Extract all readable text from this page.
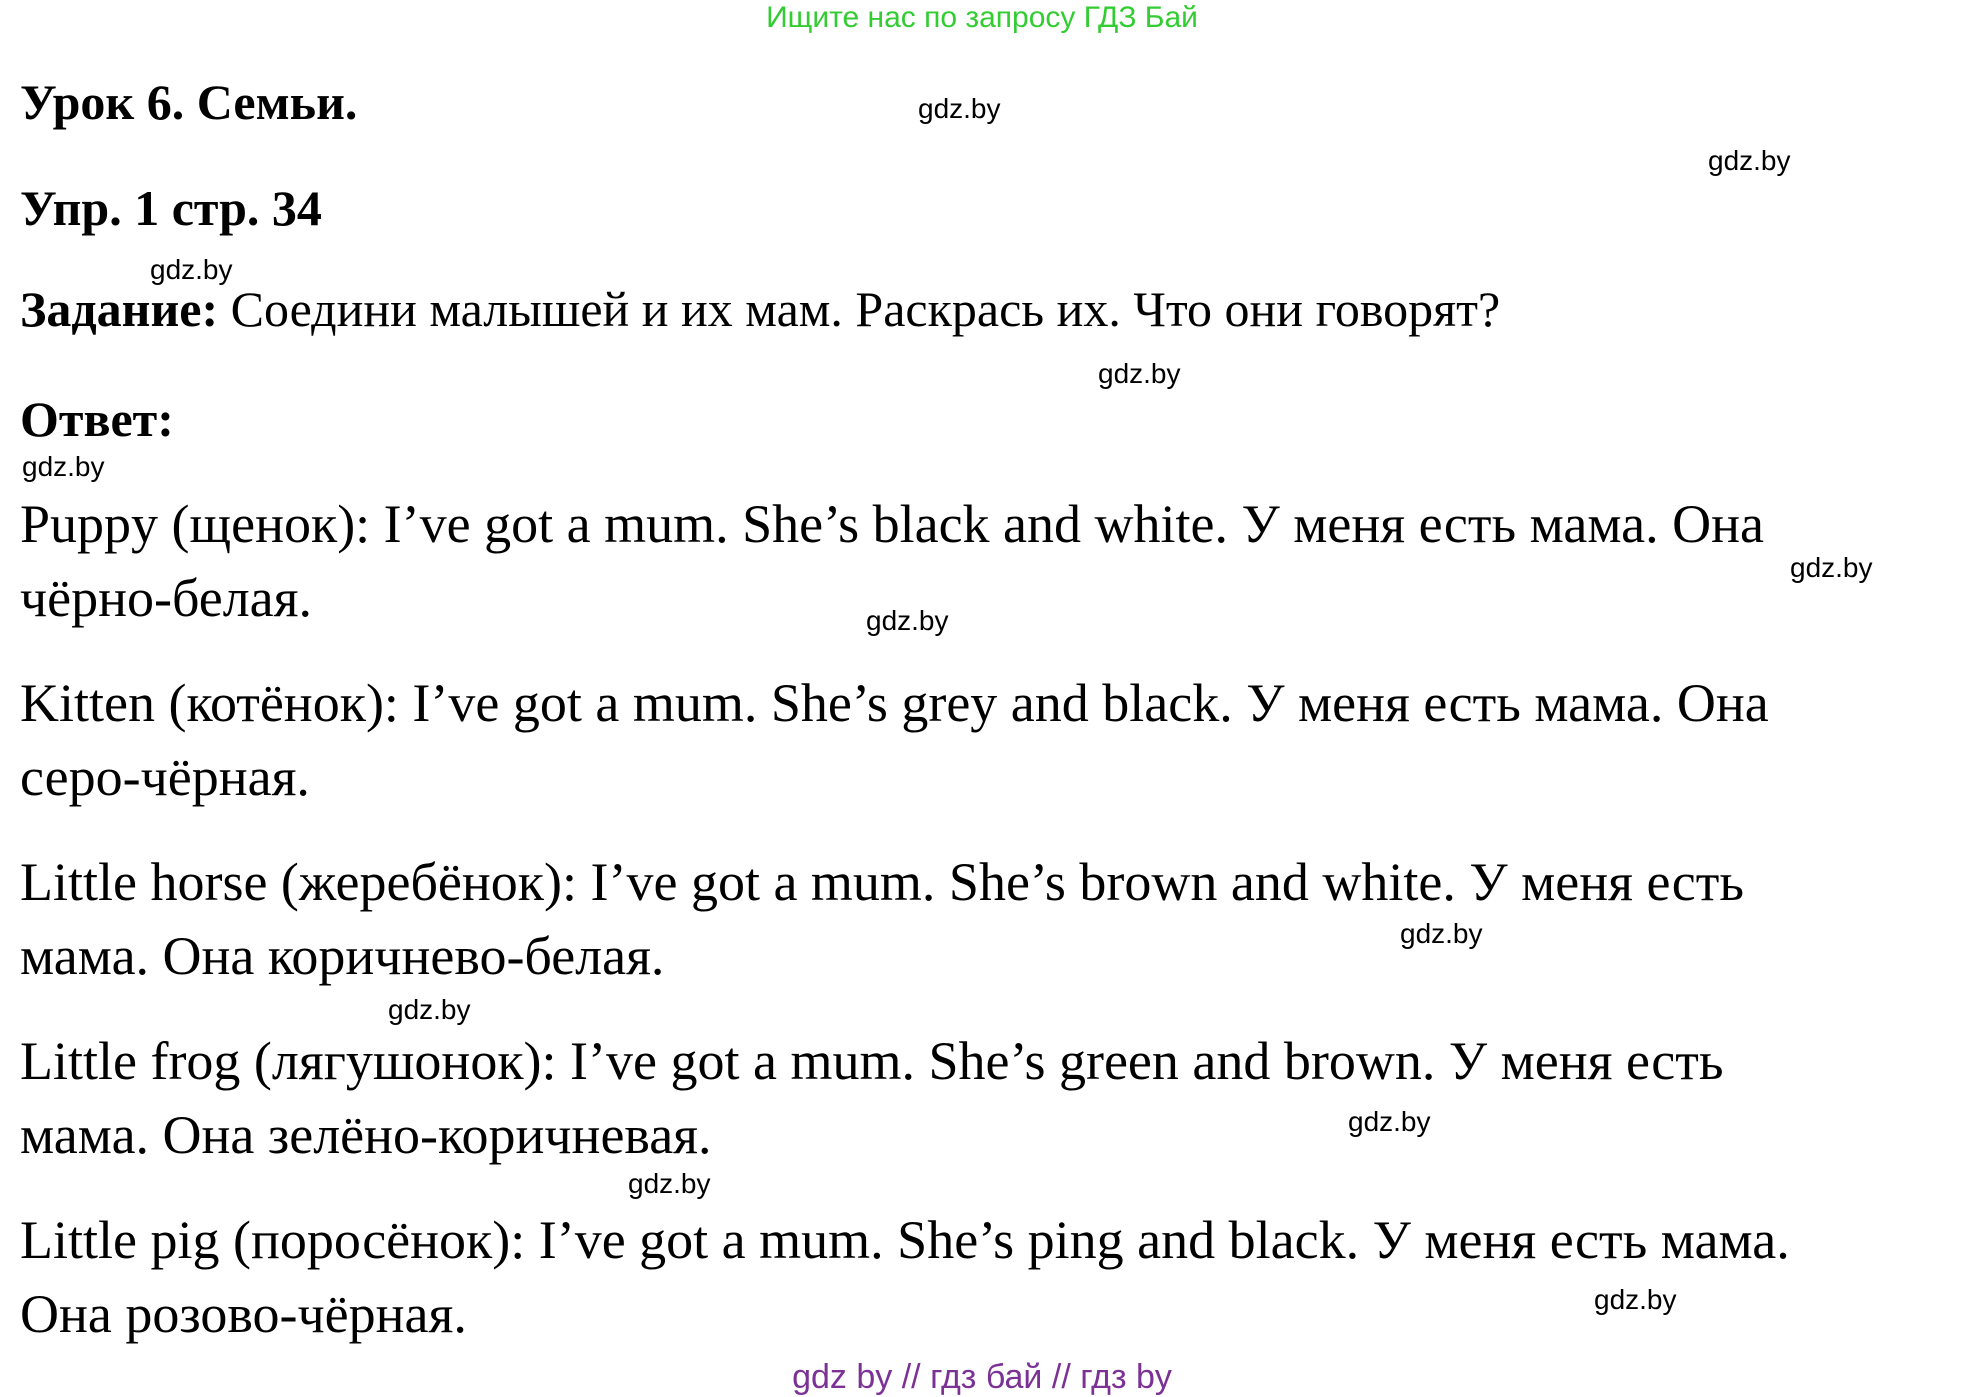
Ищите нас по запросу ГДЗ Бай
Урок 6. Семьи.
Упр. 1 стр. 34
Задание: Соедини малышей и их мам. Раскрась их. Что они говорят?
Ответ:
Puppy (щенок): I’ve got a mum. She’s black and white. У меня есть мама. Она
чёрно-белая.
Kitten (котёнок): I’ve got a mum. She’s grey and black. У меня есть мама. Она
серо-чёрная.
Little horse (жеребёнок): I’ve got a mum. She’s brown and white. У меня есть
мама. Она коричнево-белая.
Little frog (лягушонок): I’ve got a mum. She’s green and brown. У меня есть
мама. Она зелёно-коричневая.
Little pig (поросёнок): I’ve got a mum. She’s ping and black. У меня есть мама.
Она розово-чёрная.
gdz.by
gdz.by
gdz.by
gdz.by
gdz.by
gdz.by
gdz.by
gdz.by
gdz.by
gdz.by
gdz.by
gdz.by
gdz by // гдз бай // гдз by
